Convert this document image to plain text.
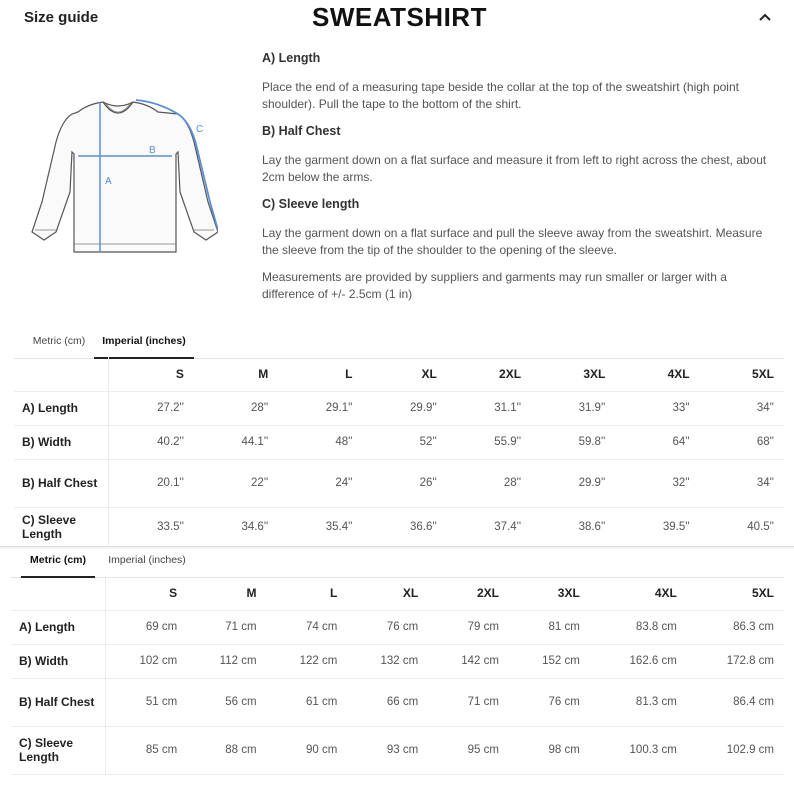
Size guide	SWEATSHIRT
A
B
C
A) Length

Place the end of a measuring tape beside the collar at the top of the sweatshirt (high point shoulder). Pull the tape to the bottom of the shirt.

B) Half Chest

Lay the garment down on a flat surface and measure it from left to right across the chest, about 2cm below the arms.

C) Sleeve length

Lay the garment down on a flat surface and pull the sleeve away from the sweatshirt. Measure the sleeve from the tip of the shoulder to the opening of the sleeve.

Measurements are provided by suppliers and garments may run smaller or larger with a difference of +/- 2.5cm (1 in)

Metric (cm)	Imperial (inches)
	S	M	L	XL	2XL	3XL	4XL	5XL
A) Length	27.2''	28''	29.1''	29.9''	31.1''	31.9''	33''	34''
B) Width	40.2''	44.1''	48''	52''	55.9''	59.8''	64''	68''
B) Half Chest	20.1''	22''	24''	26''	28''	29.9''	32''	34''
C) Sleeve Length	33.5''	34.6''	35.4''	36.6''	37.4''	38.6''	39.5''	40.5''
Metric (cm)	Imperial (inches)
	S	M	L	XL	2XL	3XL	4XL	5XL
A) Length	69 cm	71 cm	74 cm	76 cm	79 cm	81 cm	83.8 cm	86.3 cm
B) Width	102 cm	112 cm	122 cm	132 cm	142 cm	152 cm	162.6 cm	172.8 cm
B) Half Chest	51 cm	56 cm	61 cm	66 cm	71 cm	76 cm	81.3 cm	86.4 cm
C) Sleeve Length	85 cm	88 cm	90 cm	93 cm	95 cm	98 cm	100.3 cm	102.9 cm
